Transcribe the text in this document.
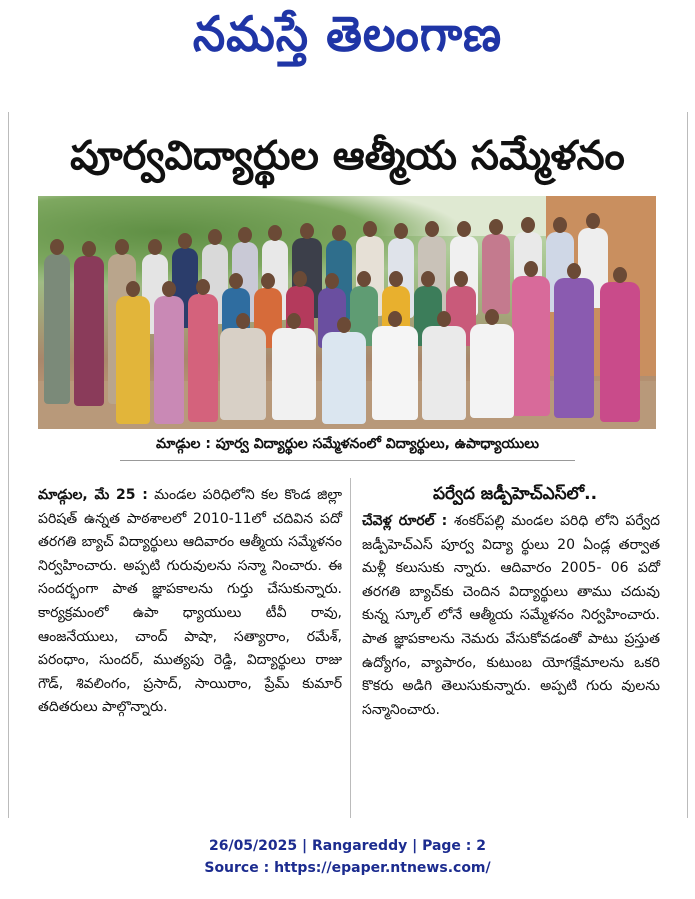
నమస్తే తెలంగాణ
పూర్వవిద్యార్థుల ఆత్మీయ సమ్మేళనం
మాడ్గుల : పూర్వ విద్యార్థుల సమ్మేళనంలో విద్యార్థులు, ఉపాధ్యాయులు
మాడ్గుల, మే 25 : మండల పరిధిలోని కల కొండ జిల్లా పరిషత్ ఉన్నత పాఠశాలలో 2010-11లో చదివిన పదో తరగతి బ్యాచ్ విద్యార్థులు ఆదివారం ఆత్మీయ సమ్మేళనం నిర్వహించారు. అప్పటి గురువులను సన్మా నించారు. ఈ సందర్భంగా పాత జ్ఞాపకాలను గుర్తు చేసుకున్నారు. కార్యక్రమంలో ఉపా ధ్యాయులు టీవీ రావు, ఆంజనేయులు, చాంద్ పాషా, సత్యారాం, రమేశ్, పరంధాం, సుందర్, ముత్యపు రెడ్డి, విద్యార్థులు రాజు గౌడ్, శివలింగం, ప్రసాద్, సాయిరాం, ప్రేమ్ కుమార్ తదితరులు పాల్గొన్నారు.
పర్వేద జడ్పీహెచ్ఎస్‌లో..
చేవెళ్ల రూరల్ : శంకర్‌పల్లి మండల పరిధి లోని పర్వేద జడ్పీహెచ్ఎస్ పూర్వ విద్యా ర్థులు 20 ఏండ్ల తర్వాత మళ్లీ కలుసుకు న్నారు. ఆదివారం 2005- 06 పదో తరగతి బ్యాచ్‌కు చెందిన విద్యార్థులు తాము చదువు కున్న స్కూల్ లోనే ఆత్మీయ సమ్మేళనం నిర్వహించారు. పాత జ్ఞాపకాలను నెమరు వేసుకోవడంతో పాటు ప్రస్తుత ఉద్యోగం, వ్యాపారం, కుటుంబ యోగక్షేమాలను ఒకరి కొకరు అడిగి తెలుసుకున్నారు. అప్పటి గురు వులను సన్మానించారు.
26/05/2025 | Rangareddy | Page : 2
Source : https://epaper.ntnews.com/
